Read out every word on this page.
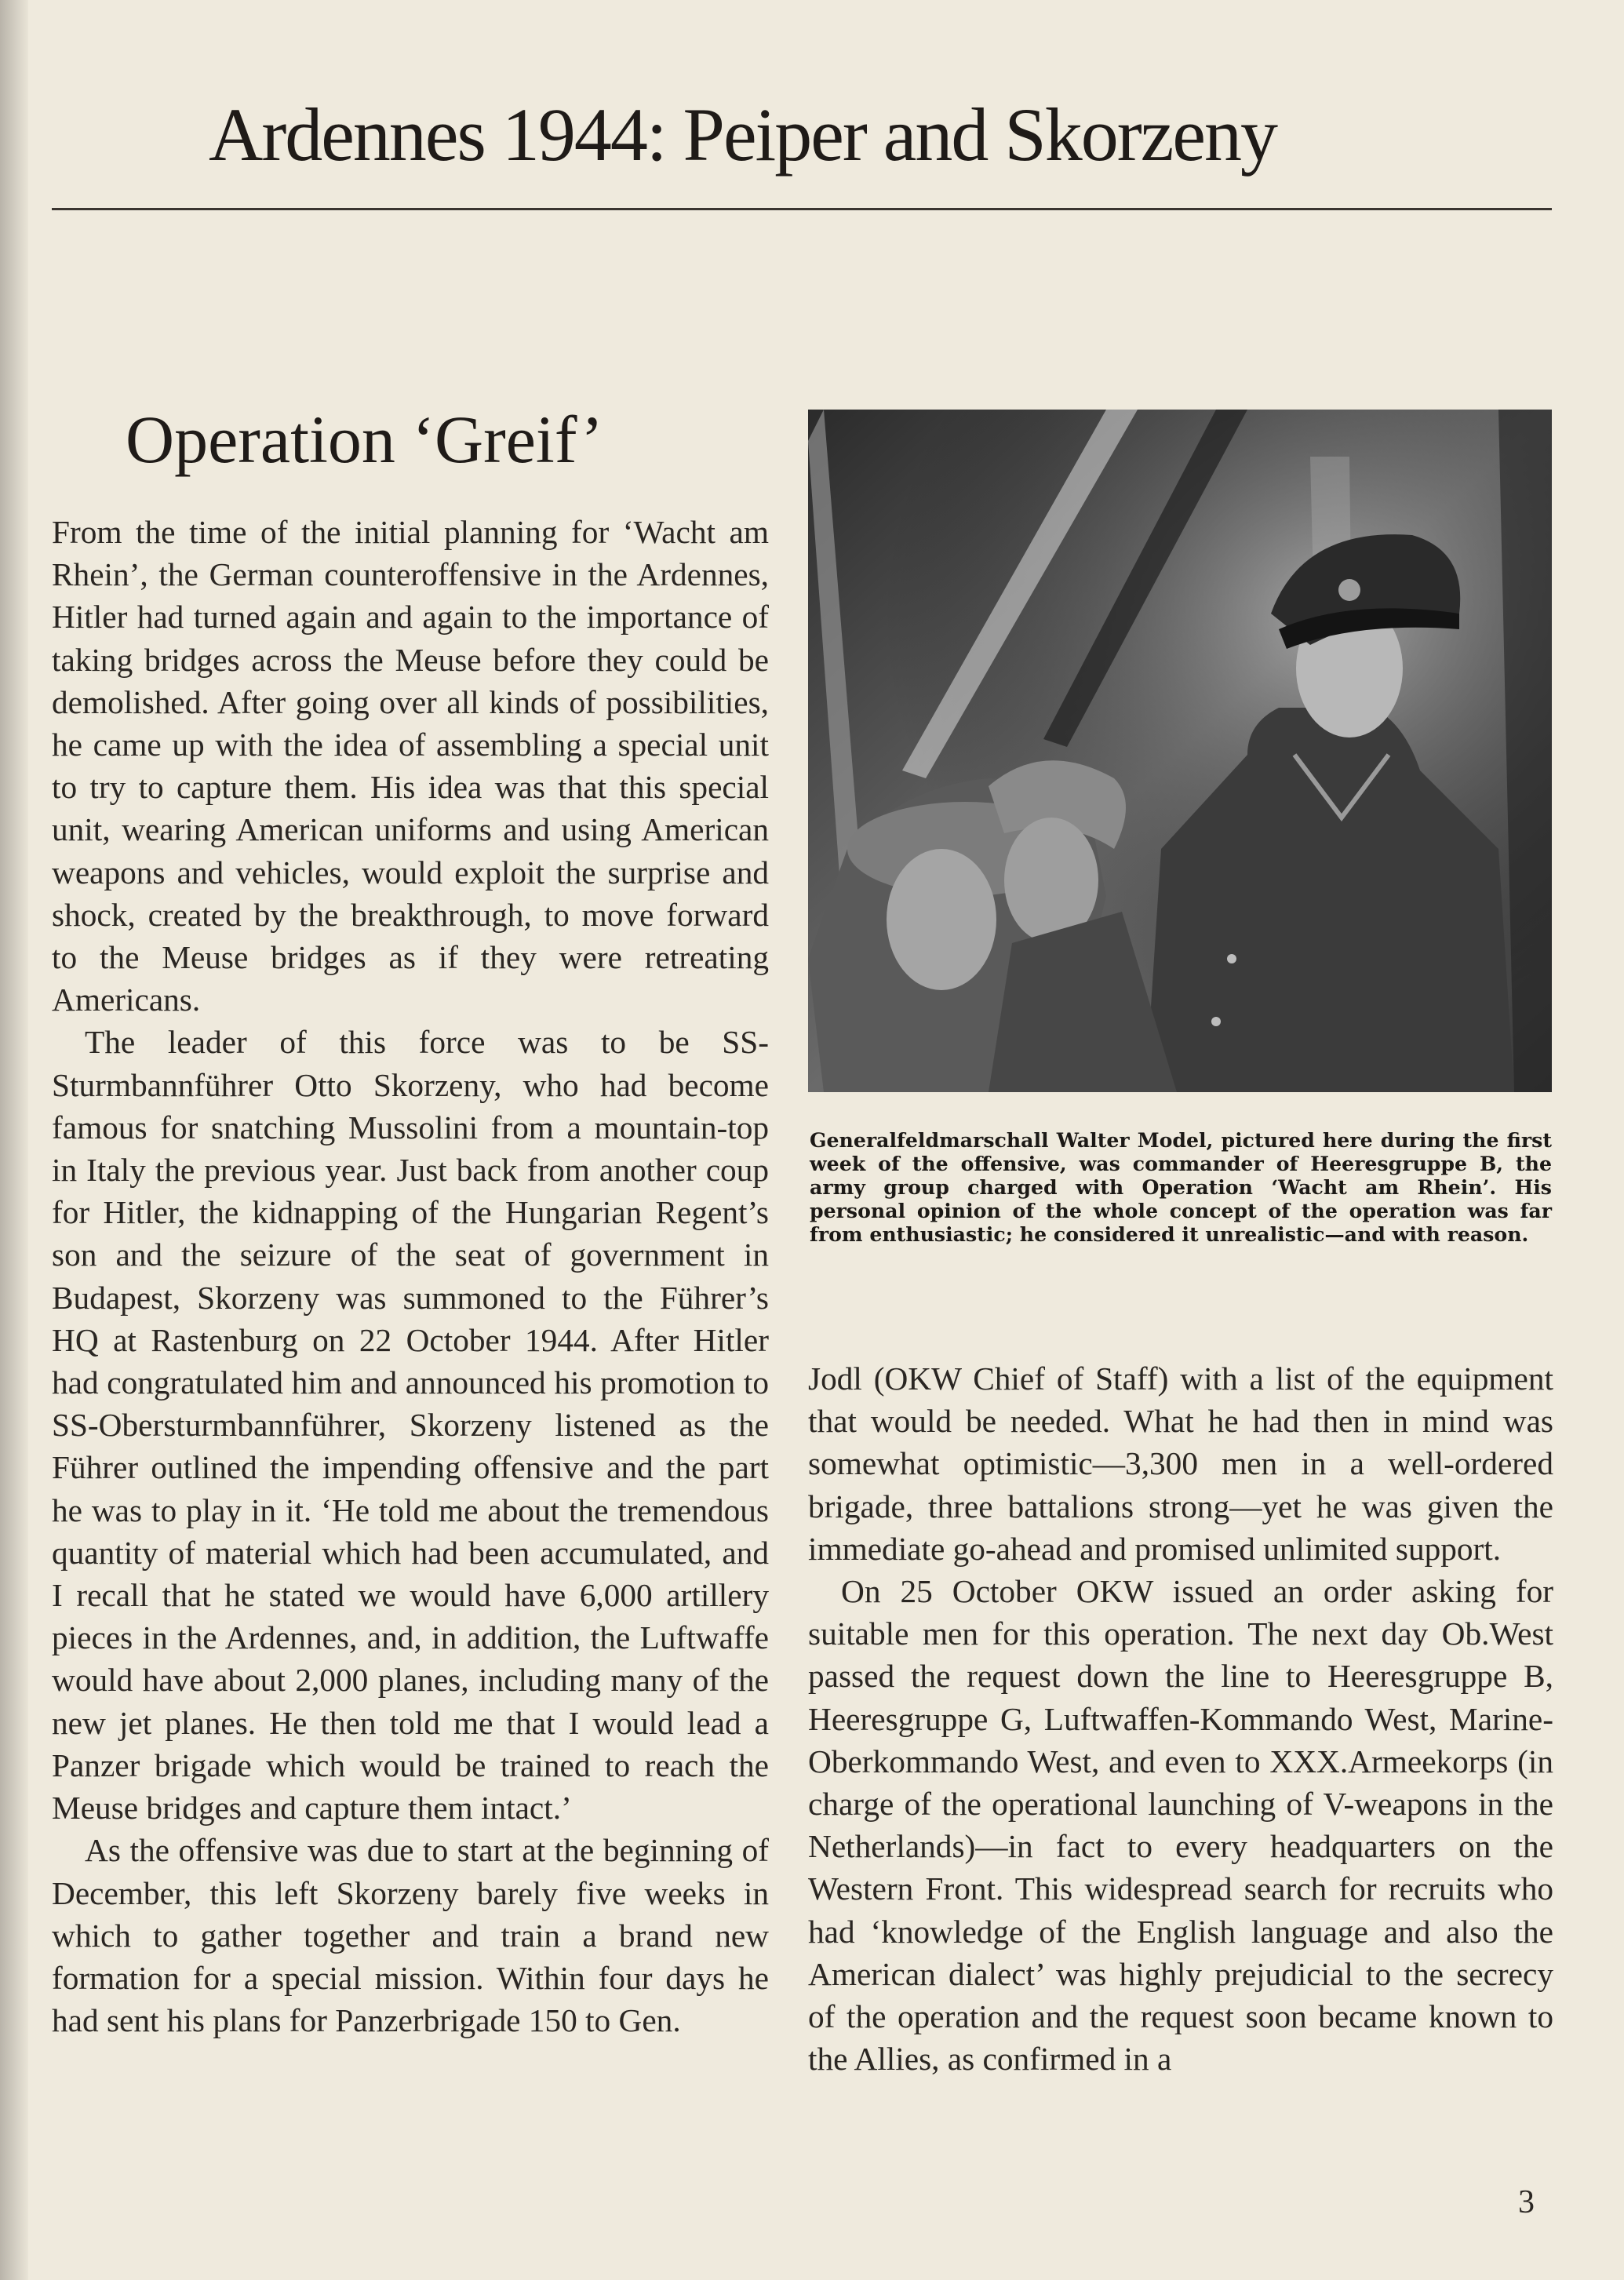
Ardennes 1944: Peiper and Skorzeny
Operation ‘Greif’

From the time of the initial planning for ‘Wacht am Rhein’, the German counteroffensive in the Ardennes, Hitler had turned again and again to the importance of taking bridges across the Meuse before they could be demolished. After going over all kinds of possibilities, he came up with the idea of assembling a special unit to try to capture them. His idea was that this special unit, wearing American uniforms and using American weapons and vehicles, would exploit the surprise and shock, created by the breakthrough, to move forward to the Meuse bridges as if they were retreating Americans.

The leader of this force was to be SS-Sturmbannführer Otto Skorzeny, who had become famous for snatching Mussolini from a mountain-top in Italy the previous year. Just back from another coup for Hitler, the kidnapping of the Hungarian Regent’s son and the seizure of the seat of government in Budapest, Skorzeny was summoned to the Führer’s HQ at Rastenburg on 22 October 1944. After Hitler had congratulated him and announced his promotion to SS-Obersturmbannführer, Skorzeny listened as the Führer outlined the impending offensive and the part he was to play in it. ‘He told me about the tremendous quantity of material which had been accumulated, and I recall that he stated we would have 6,000 artillery pieces in the Ardennes, and, in addition, the Luftwaffe would have about 2,000 planes, including many of the new jet planes. He then told me that I would lead a Panzer brigade which would be trained to reach the Meuse bridges and capture them intact.’

As the offensive was due to start at the beginning of December, this left Skorzeny barely five weeks in which to gather together and train a brand new formation for a special mission. Within four days he had sent his plans for Panzerbrigade 150 to Gen.

Generalfeldmarschall Walter Model, pictured here during the first week of the offensive, was commander of Heeresgruppe B, the army group charged with Operation ‘Wacht am Rhein’. His personal opinion of the whole concept of the operation was far from enthusiastic; he considered it unrealistic—and with reason.

Jodl (OKW Chief of Staff) with a list of the equipment that would be needed. What he had then in mind was somewhat optimistic—3,300 men in a well-ordered brigade, three battalions strong—yet he was given the immediate go-ahead and promised unlimited support.

On 25 October OKW issued an order asking for suitable men for this operation. The next day Ob.West passed the request down the line to Heeresgruppe B, Heeresgruppe G, Luftwaffen-Kommando West, Marine-Oberkommando West, and even to XXX.Armeekorps (in charge of the operational launching of V-weapons in the Netherlands)—in fact to every headquarters on the Western Front. This widespread search for recruits who had ‘knowledge of the English language and also the American dialect’ was highly prejudicial to the secrecy of the operation and the request soon became known to the Allies, as confirmed in a

3
